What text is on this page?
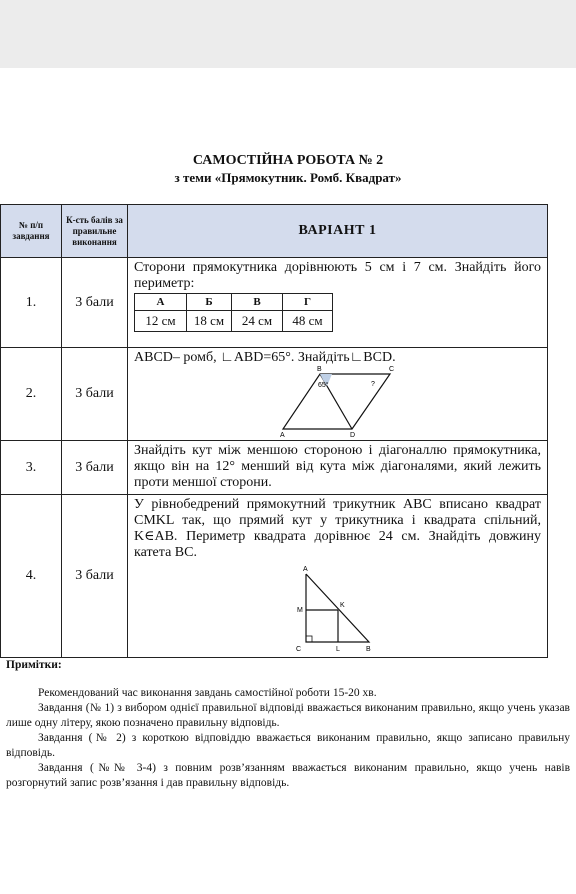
САМОСТІЙНА РОБОТА № 2
з теми «Прямокутник. Ромб. Квадрат»
№ п/п завдання	К-сть балів за правильне виконання	ВАРІАНТ 1
1.	3 бали	
Сторони прямокутника дорівнюють 5 см і 7 см. Знайдіть його периметр:
А	Б	В	Г
12 см	18 см	24 см	48 см

2.	3 бали	
ABCD– ромб, ∟ABD=65°. Знайдіть∟BCD.
B	C
A	D
65°	?

3.	3 бали	
Знайдіть кут між меншою стороною і діагоналлю прямокутника, якщо він на 12° менший від кута між діагоналями, який лежить проти меншої сторони.

4.	3 бали	
У рівнобедрений прямокутний трикутник ABC вписано квадрат CMKL так, що прямий кут у трикутника і квадрата спільний, K∈AB. Периметр квадрата дорівнює 24 см. Знайдіть довжину катета BC.
A
M
K
C	L	B
Примітки:

Рекомендований час виконання завдань самостійної роботи 15-20 хв.

Завдання (№ 1) з вибором однієї правильної відповіді вважається виконаним правильно, якщо учень указав лише одну літеру, якою позначено правильну відповідь.

Завдання (№ 2) з короткою відповіддю вважається виконаним правильно, якщо записано правильну відповідь.

Завдання (№№ 3-4) з повним розв’язанням вважається виконаним правильно, якщо учень навів розгорнутий запис розв’язання і дав правильну відповідь.
